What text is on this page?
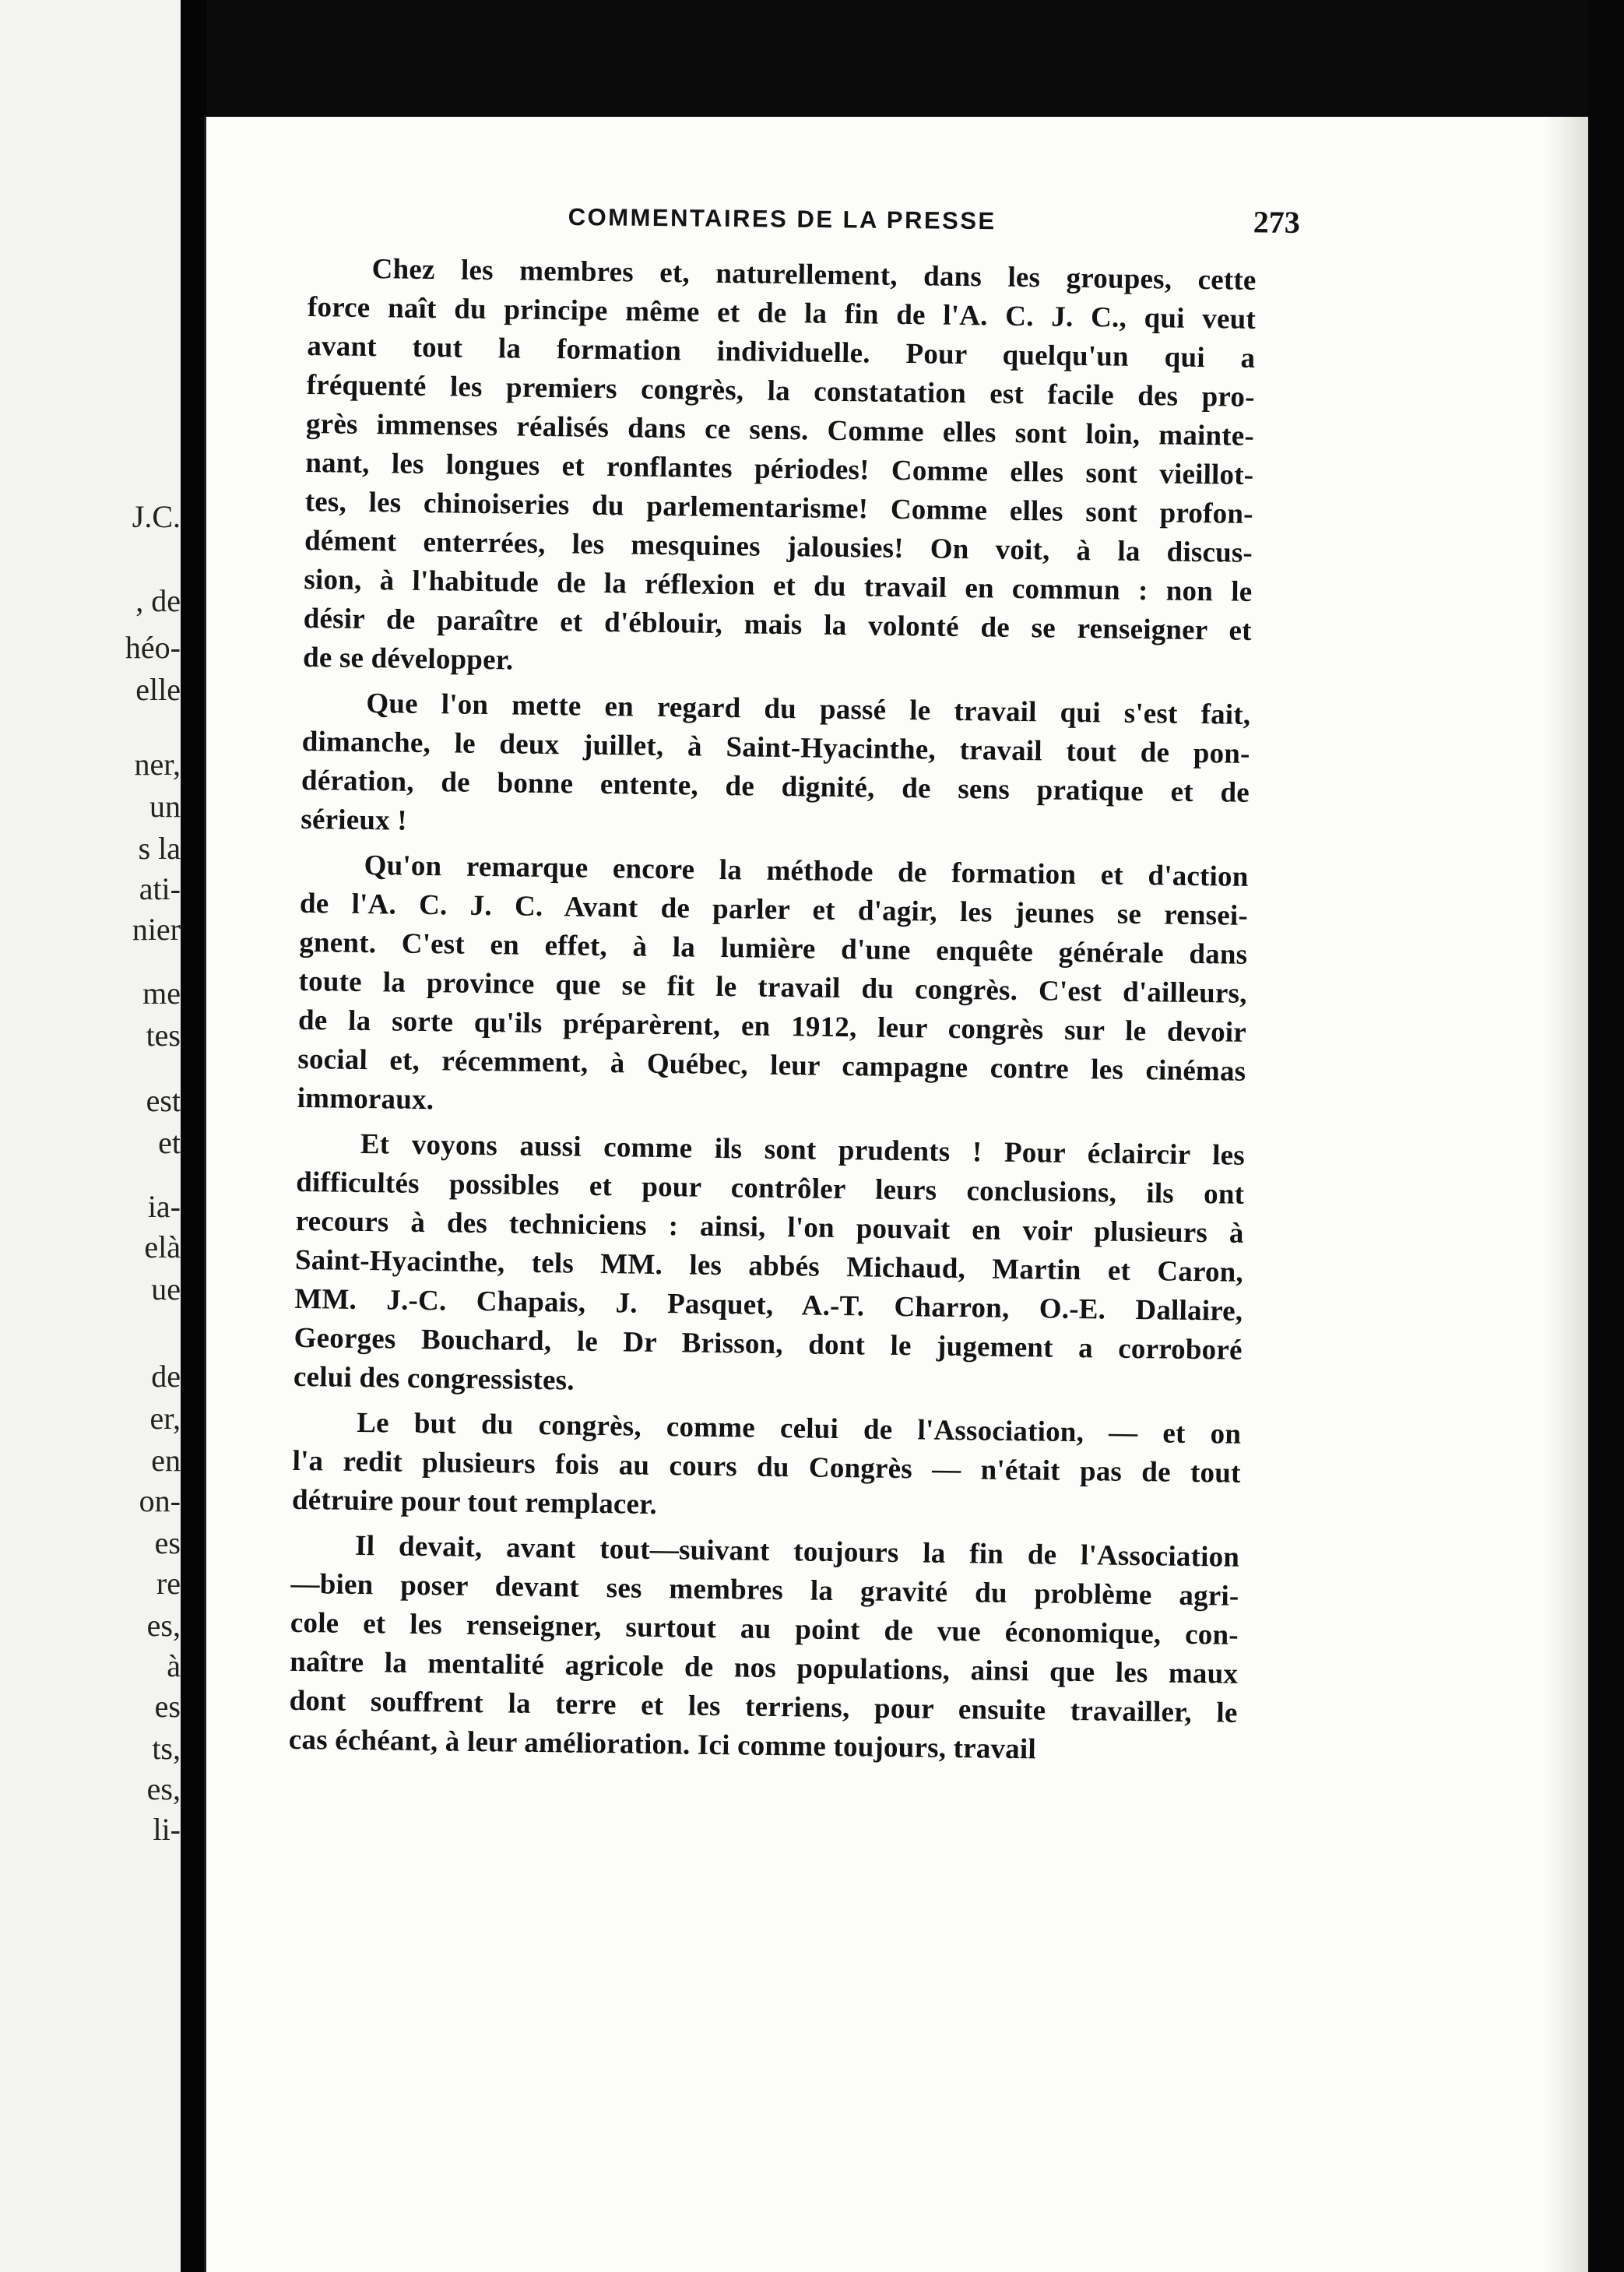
J.C.
, de
héo-
elle
ner,
un
s la
ati-
nier
me
tes
est
et
ia-
elà
ue
de
er,
en
on-
es
re
es,
à
es
ts,
es,
li-
COMMENTAIRES DE LA PRESSE	273
Chez les membres et, naturellement, dans les groupes, cette
force naît du principe même et de la fin de l'A. C. J. C., qui veut
avant tout la formation individuelle. Pour quelqu'un qui a
fréquenté les premiers congrès, la constatation est facile des pro-
grès immenses réalisés dans ce sens. Comme elles sont loin, mainte-
nant, les longues et ronflantes périodes! Comme elles sont vieillot-
tes, les chinoiseries du parlementarisme! Comme elles sont profon-
dément enterrées, les mesquines jalousies! On voit, à la discus-
sion, à l'habitude de la réflexion et du travail en commun : non le
désir de paraître et d'éblouir, mais la volonté de se renseigner et
de se développer.
Que l'on mette en regard du passé le travail qui s'est fait,
dimanche, le deux juillet, à Saint-Hyacinthe, travail tout de pon-
dération, de bonne entente, de dignité, de sens pratique et de
sérieux !
Qu'on remarque encore la méthode de formation et d'action
de l'A. C. J. C. Avant de parler et d'agir, les jeunes se rensei-
gnent. C'est en effet, à la lumière d'une enquête générale dans
toute la province que se fit le travail du congrès. C'est d'ailleurs,
de la sorte qu'ils préparèrent, en 1912, leur congrès sur le devoir
social et, récemment, à Québec, leur campagne contre les cinémas
immoraux.
Et voyons aussi comme ils sont prudents ! Pour éclaircir les
difficultés possibles et pour contrôler leurs conclusions, ils ont
recours à des techniciens : ainsi, l'on pouvait en voir plusieurs à
Saint-Hyacinthe, tels MM. les abbés Michaud, Martin et Caron,
MM. J.-C. Chapais, J. Pasquet, A.-T. Charron, O.-E. Dallaire,
Georges Bouchard, le Dr Brisson, dont le jugement a corroboré
celui des congressistes.
Le but du congrès, comme celui de l'Association, — et on
l'a redit plusieurs fois au cours du Congrès — n'était pas de tout
détruire pour tout remplacer.
Il devait, avant tout—suivant toujours la fin de l'Association
—bien poser devant ses membres la gravité du problème agri-
cole et les renseigner, surtout au point de vue économique, con-
naître la mentalité agricole de nos populations, ainsi que les maux
dont souffrent la terre et les terriens, pour ensuite travailler, le
cas échéant, à leur amélioration. Ici comme toujours, travail
